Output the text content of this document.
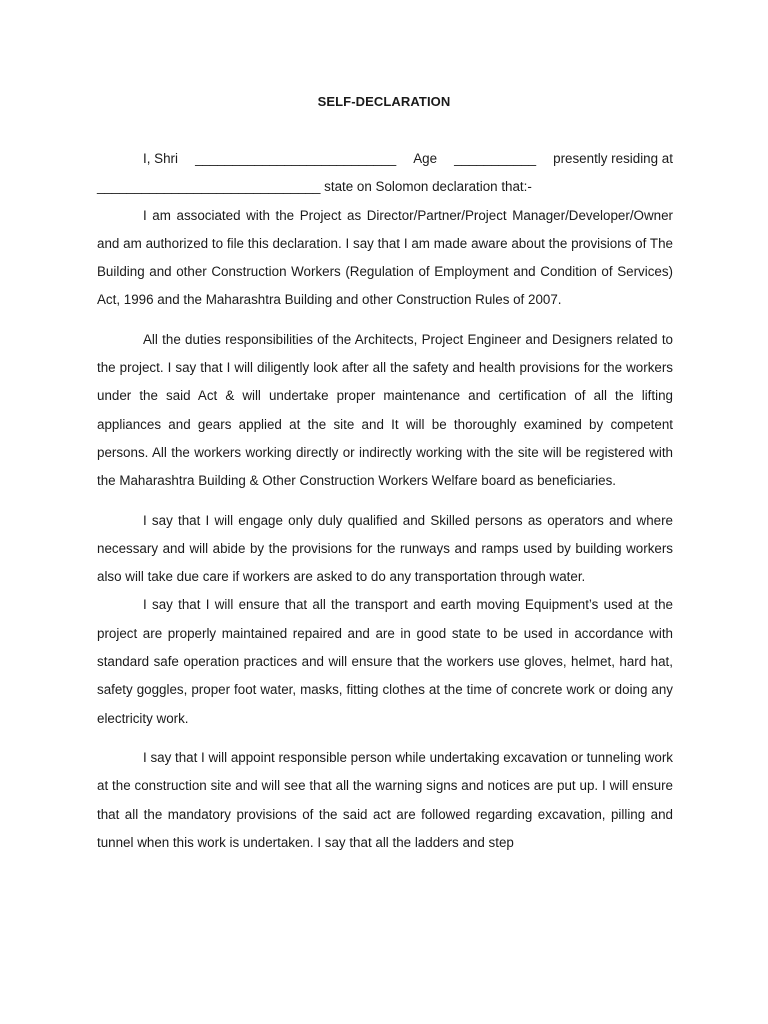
SELF-DECLARATION
I, Shri ___________________________ Age ___________ presently residing at
______________________________ state on Solomon declaration that:-

I am associated with the Project as Director/Partner/Project Manager/Developer/Owner and am authorized to file this declaration. I say that I am made aware about the provisions of The Building and other Construction Workers (Regulation of Employment and Condition of Services) Act, 1996 and the Maharashtra Building and other Construction Rules of 2007.

All the duties responsibilities of the Architects, Project Engineer and Designers related to the project. I say that I will diligently look after all the safety and health provisions for the workers under the said Act & will undertake proper maintenance and certification of all the lifting appliances and gears applied at the site and It will be thoroughly examined by competent persons. All the workers working directly or indirectly working with the site will be registered with the Maharashtra Building & Other Construction Workers Welfare board as beneficiaries.

I say that I will engage only duly qualified and Skilled persons as operators and where necessary and will abide by the provisions for the runways and ramps used by building workers also will take due care if workers are asked to do any transportation through water.

I say that I will ensure that all the transport and earth moving Equipment’s used at the project are properly maintained repaired and are in good state to be used in accordance with standard safe operation practices and will ensure that the workers use gloves, helmet, hard hat, safety goggles, proper foot water, masks, fitting clothes at the time of concrete work or doing any electricity work.

I say that I will appoint responsible person while undertaking excavation or tunneling work at the construction site and will see that all the warning signs and notices are put up. I will ensure that all the mandatory provisions of the said act are followed regarding excavation, pilling and tunnel when this work is undertaken. I say that all the ladders and step
